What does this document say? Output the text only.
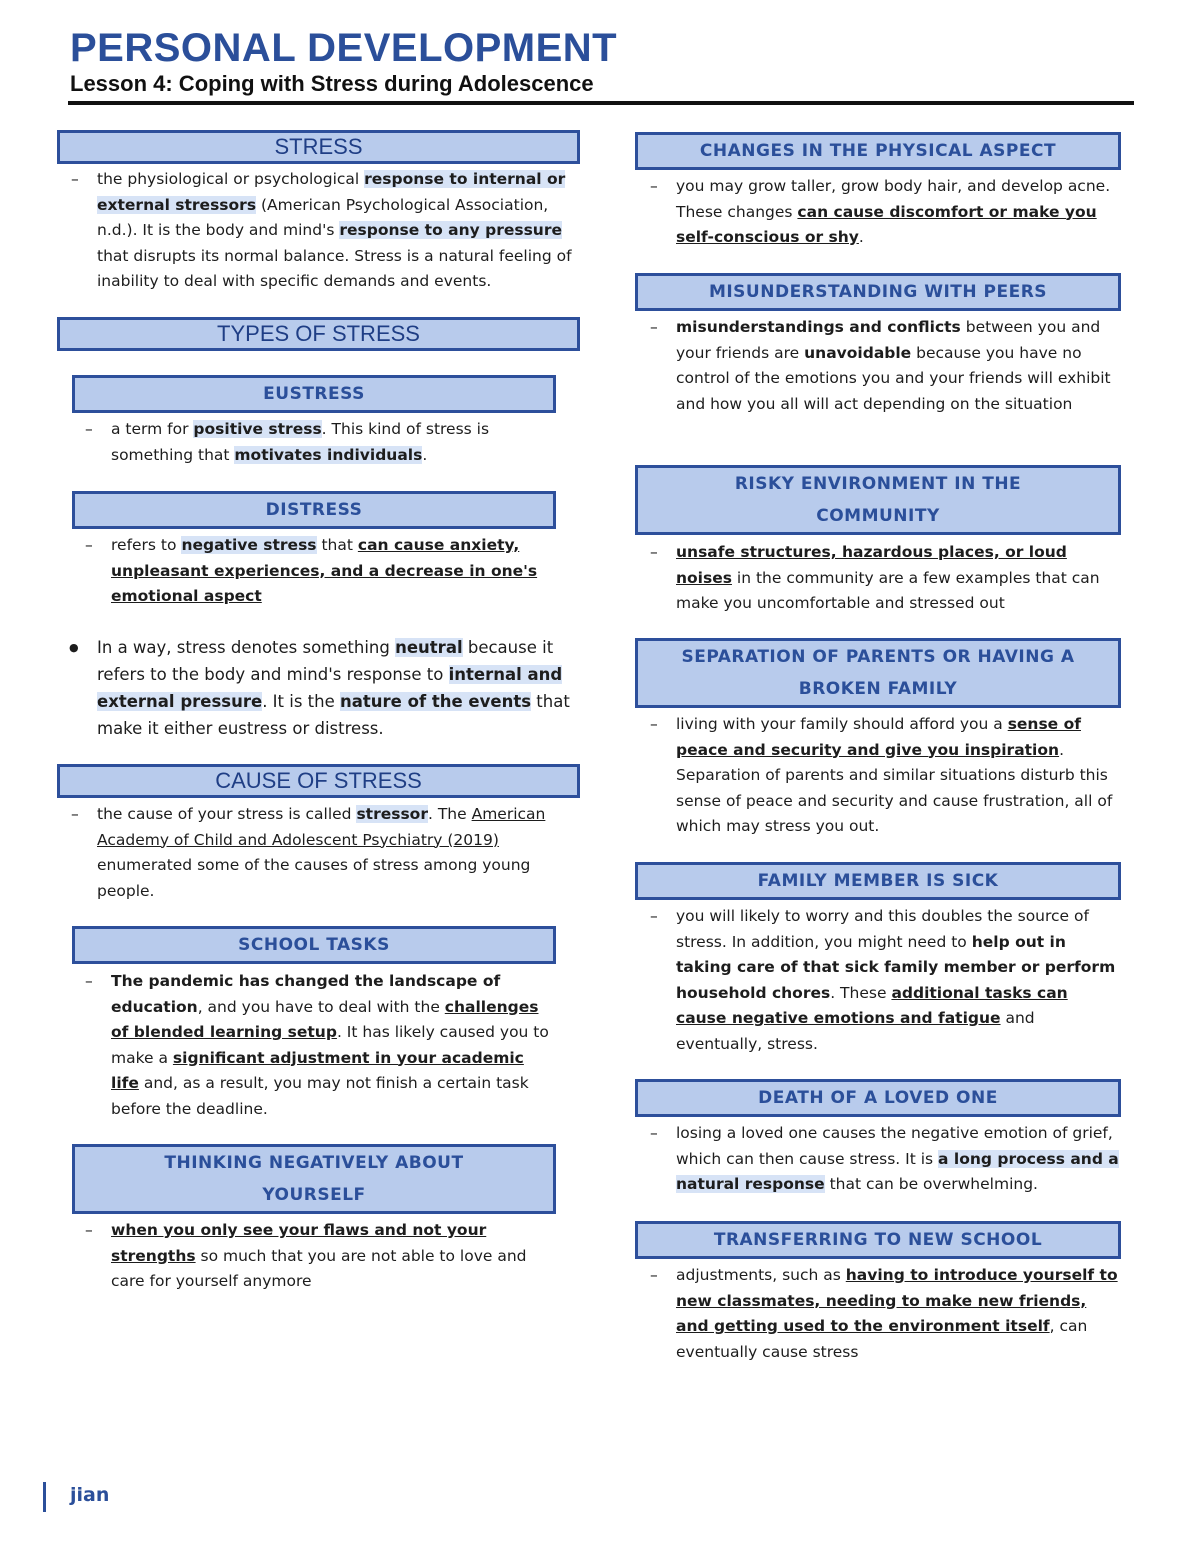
PERSONAL DEVELOPMENT
Lesson 4: Coping with Stress during Adolescence
STRESS

– the physiological or psychological response to internal or external stressors (American Psychological Association, n.d.). It is the body and mind's response to any pressure that disrupts its normal balance. Stress is a natural feeling of inability to deal with specific demands and events.

TYPES OF STRESS
EUSTRESS

– a term for positive stress. This kind of stress is something that motivates individuals.

DISTRESS

– refers to negative stress that can cause anxiety, unpleasant experiences, and a decrease in one's emotional aspect

● In a way, stress denotes something neutral because it refers to the body and mind's response to internal and external pressure. It is the nature of the events that make it either eustress or distress.

CAUSE OF STRESS

– the cause of your stress is called stressor. The American Academy of Child and Adolescent Psychiatry (2019) enumerated some of the causes of stress among young people.

SCHOOL TASKS

– The pandemic has changed the landscape of education, and you have to deal with the challenges of blended learning setup. It has likely caused you to make a significant adjustment in your academic life and, as a result, you may not finish a certain task before the deadline.

THINKING NEGATIVELY ABOUT YOURSELF

– when you only see your flaws and not your strengths so much that you are not able to love and care for yourself anymore

CHANGES IN THE PHYSICAL ASPECT

– you may grow taller, grow body hair, and develop acne. These changes can cause discomfort or make you self-conscious or shy.

MISUNDERSTANDING WITH PEERS

– misunderstandings and conflicts between you and your friends are unavoidable because you have no control of the emotions you and your friends will exhibit and how you all will act depending on the situation

RISKY ENVIRONMENT IN THE COMMUNITY

– unsafe structures, hazardous places, or loud noises in the community are a few examples that can make you uncomfortable and stressed out

SEPARATION OF PARENTS OR HAVING A BROKEN FAMILY

– living with your family should afford you a sense of peace and security and give you inspiration. Separation of parents and similar situations disturb this sense of peace and security and cause frustration, all of which may stress you out.

FAMILY MEMBER IS SICK

– you will likely to worry and this doubles the source of stress. In addition, you might need to help out in taking care of that sick family member or perform household chores. These additional tasks can cause negative emotions and fatigue and eventually, stress.

DEATH OF A LOVED ONE

– losing a loved one causes the negative emotion of grief, which can then cause stress. It is a long process and a natural response that can be overwhelming.

TRANSFERRING TO NEW SCHOOL

– adjustments, such as having to introduce yourself to new classmates, needing to make new friends, and getting used to the environment itself, can eventually cause stress

jian
